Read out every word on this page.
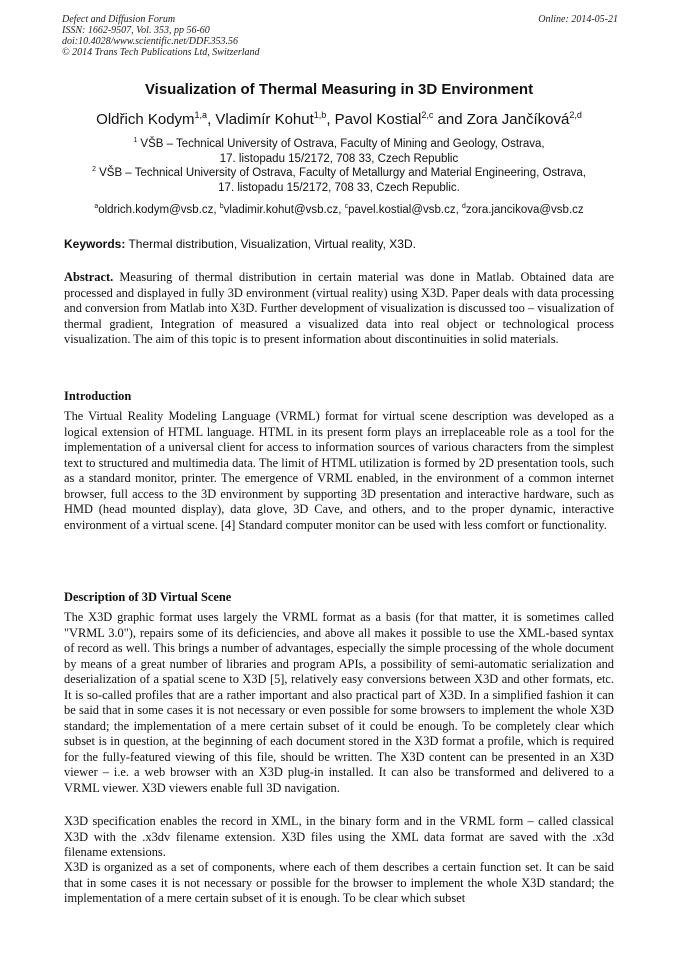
Defect and Diffusion Forum
ISSN: 1662-9507, Vol. 353, pp 56-60
doi:10.4028/www.scientific.net/DDF.353.56
© 2014 Trans Tech Publications Ltd, Switzerland
Online: 2014-05-21
Visualization of Thermal Measuring in 3D Environment
Oldřich Kodym$^{1,a}$, Vladimír Kohut$^{1,b}$, Pavol Kostial$^{2,c}$ and Zora Jančíková$^{2,d}$
$^1$ VŠB – Technical University of Ostrava, Faculty of Mining and Geology, Ostrava,
17. listopadu 15/2172, 708 33, Czech Republic
$^2$ VŠB – Technical University of Ostrava, Faculty of Metallurgy and Material Engineering, Ostrava,
17. listopadu 15/2172, 708 33, Czech Republic.
$^a$oldrich.kodym@vsb.cz, $^b$vladimir.kohut@vsb.cz, $^c$pavel.kostial@vsb.cz, $^d$zora.jancikova@vsb.cz
Keywords: Thermal distribution, Visualization, Virtual reality, X3D.

Abstract. Measuring of thermal distribution in certain material was done in Matlab. Obtained data are processed and displayed in fully 3D environment (virtual reality) using X3D. Paper deals with data processing and conversion from Matlab into X3D. Further development of visualization is discussed too – visualization of thermal gradient, Integration of measured a visualized data into real object or technological process visualization. The aim of this topic is to present information about discontinuities in solid materials.

Introduction

The Virtual Reality Modeling Language (VRML) format for virtual scene description was developed as a logical extension of HTML language. HTML in its present form plays an irreplaceable role as a tool for the implementation of a universal client for access to information sources of various characters from the simplest text to structured and multimedia data. The limit of HTML utilization is formed by 2D presentation tools, such as a standard monitor, printer. The emergence of VRML enabled, in the environment of a common internet browser, full access to the 3D environment by supporting 3D presentation and interactive hardware, such as HMD (head mounted display), data glove, 3D Cave, and others, and to the proper dynamic, interactive environment of a virtual scene. [4] Standard computer monitor can be used with less comfort or functionality.

Description of 3D Virtual Scene

The X3D graphic format uses largely the VRML format as a basis (for that matter, it is sometimes called "VRML 3.0"), repairs some of its deficiencies, and above all makes it possible to use the XML-based syntax of record as well. This brings a number of advantages, especially the simple processing of the whole document by means of a great number of libraries and program APIs, a possibility of semi-automatic serialization and deserialization of a spatial scene to X3D [5], relatively easy conversions between X3D and other formats, etc. It is so-called profiles that are a rather important and also practical part of X3D. In a simplified fashion it can be said that in some cases it is not necessary or even possible for some browsers to implement the whole X3D standard; the implementation of a mere certain subset of it could be enough. To be completely clear which subset is in question, at the beginning of each document stored in the X3D format a profile, which is required for the fully-featured viewing of this file, should be written. The X3D content can be presented in an X3D viewer – i.e. a web browser with an X3D plug-in installed. It can also be transformed and delivered to a VRML viewer. X3D viewers enable full 3D navigation.

X3D specification enables the record in XML, in the binary form and in the VRML form – called classical X3D with the .x3dv filename extension. X3D files using the XML data format are saved with the .x3d filename extensions.

X3D is organized as a set of components, where each of them describes a certain function set. It can be said that in some cases it is not necessary or possible for the browser to implement the whole X3D standard; the implementation of a mere certain subset of it is enough. To be clear which subset
